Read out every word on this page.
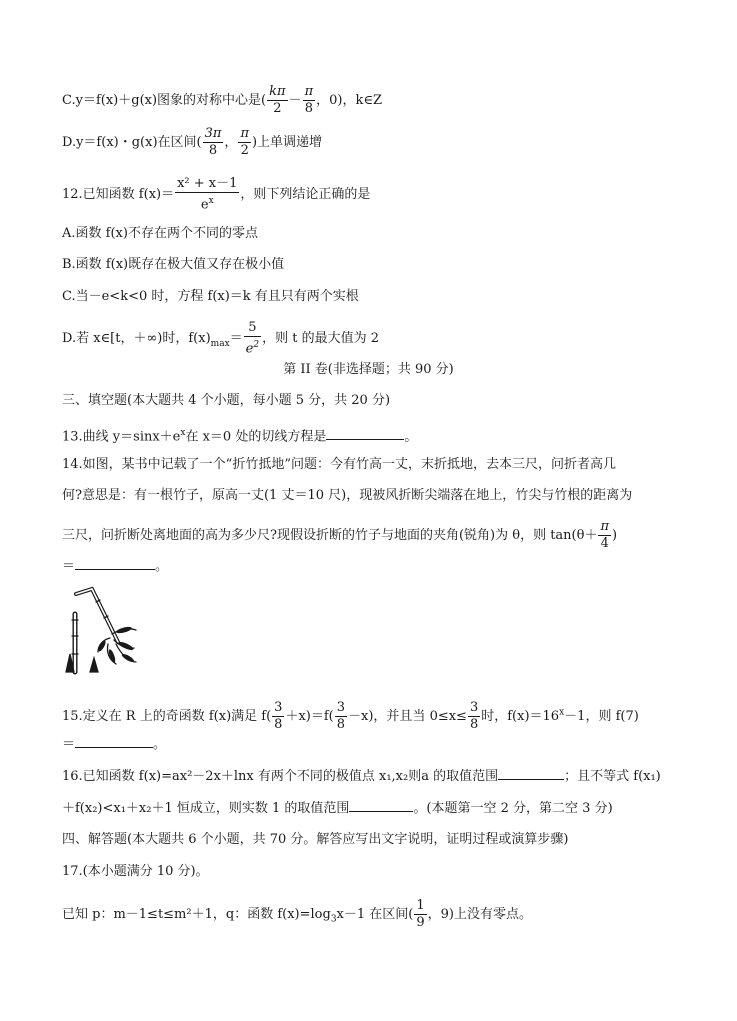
C.y＝f(x)＋g(x)图象的对称中心是( $\frac{k\pi}{2} - \frac{\pi}{8}$ ，0)，k∈Z
D.y＝f(x)・g(x)在区间( $\frac{3\pi}{8}$ ， $\frac{\pi}{2}$ )上单调递增
12.已知函数 $f(x)= \frac{\text{x² + x－1}}{e^x}$ ，则下列结论正确的是
A.函数 f(x)不存在两个不同的零点
B.函数 f(x)既存在极大值又存在极小值
C.当－e<k<0 时，方程 f(x)＝k 有且只有两个实根
D.若 x∈[t，＋∞)时，$f(x)_{max}= \frac{5}{e^2}$ ，则 t 的最大值为 2
第 II 卷(非选择题；共 90 分)
三、填空题(本大题共 4 个小题，每小题 5 分，共 20 分)
13.曲线 $y=\sin x+e^x$在 x＝0 处的切线方程是	。
14.如图，某书中记载了一个“折竹抵地”问题：今有竹高一丈，末折抵地，去本三尺，问折者高几
何?意思是：有一根竹子，原高一丈(1 丈＝10 尺)，现被风折断尖端落在地上，竹尖与竹根的距离为
三尺，问折断处离地面的高为多少尺?现假设折断的竹子与地面的夹角(锐角)为 θ，则 $\tan(\theta+ \frac{\pi}{4}$ )
＝	。
15.定义在 R 上的奇函数 f(x)满足 $f( \frac{3}{8} +x)=f( \frac{3}{8} -x)$，并且当 $0\le x\le \frac{3}{8}$ 时，$f(x)=16^x-1$，则 f(7)
＝	。
16.已知函数 f(x)=ax²－2x＋lnx 有两个不同的极值点 x₁,x₂则a 的取值范围	；且不等式 f(x₁)
＋f(x₂)<x₁＋x₂＋1 恒成立，则实数 1 的取值范围	。(本题第一空 2 分，第二空 3 分)
四、解答题(本大题共 6 个小题，共 70 分。解答应写出文字说明，证明过程或演算步骤)
17.(本小题满分 10 分)。
已知 p：m－1≤t≤m²＋1，q：函数 $f(x)=\log_3x-1$ 在区间( $\frac{1}{9}$ ，9)上没有零点。
